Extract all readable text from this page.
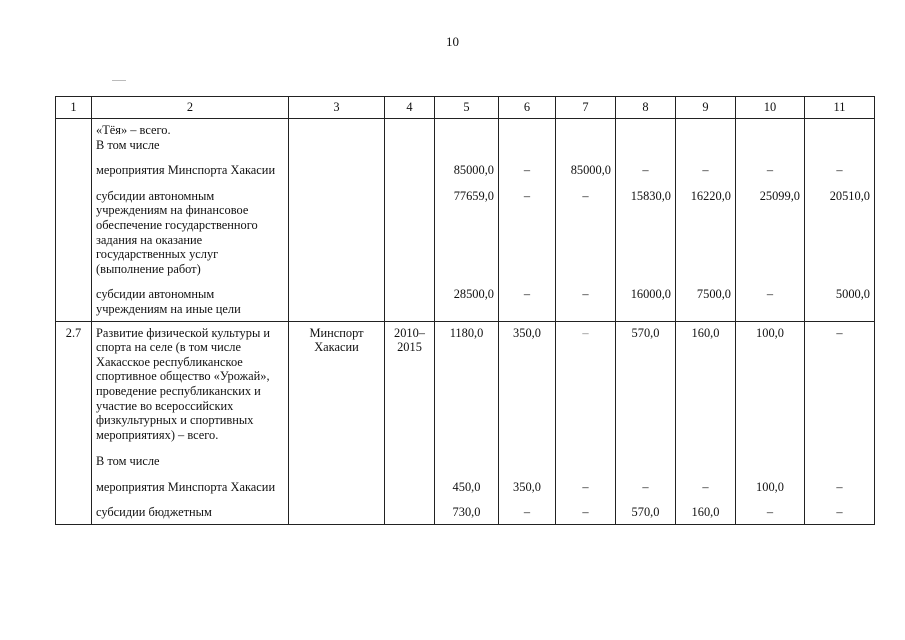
10
1	2	3	4	5	6	7	8	9	10	11
	«Тёя» – всего.									
	В том числе									
	мероприятия Минспорта Хакасии			85000,0	–	85000,0	–	–	–	–
	субсидии автономным учреждениям на финансовое обеспечение государственного задания на оказание государственных услуг (выполнение работ)			77659,0	–	–	15830,0	16220,0	25099,0	20510,0
	субсидии автономным учреждениям на иные цели			28500,0	–	–	16000,0	7500,0	–	5000,0
2.7	Развитие физической культуры и спорта на селе (в том числе Хакасское республиканское спортивное общество «Урожай», проведение республиканских и участие во всероссийских физкультурных и спортивных мероприятиях) – всего.	Минспорт Хакасии	2010–2015	1180,0	350,0	–	570,0	160,0	100,0	–
	В том числе									
	мероприятия Минспорта Хакасии			450,0	350,0	–	–	–	100,0	–
	субсидии бюджетным			730,0	–	–	570,0	160,0	–	–
